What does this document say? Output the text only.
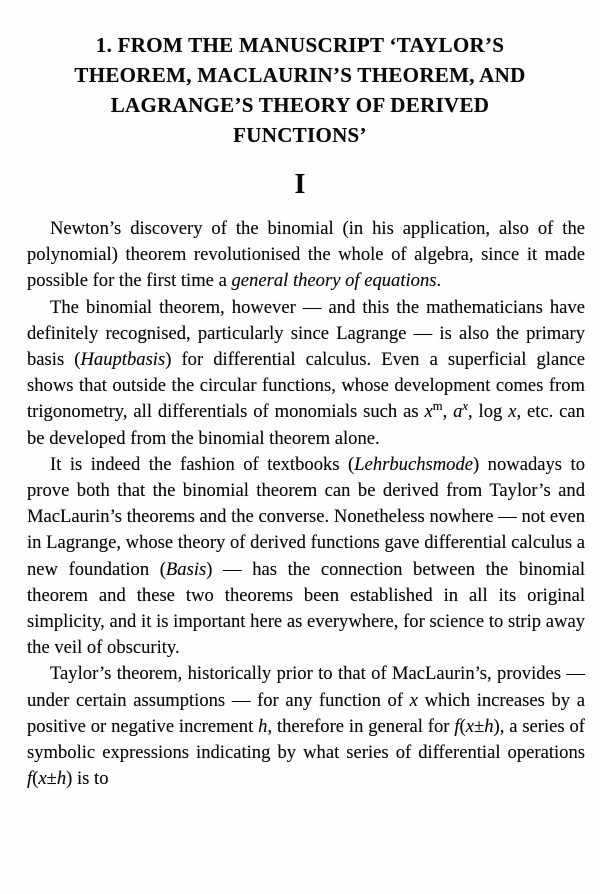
1. FROM THE MANUSCRIPT ‘TAYLOR’S
THEOREM, MACLAURIN’S THEOREM, AND
LAGRANGE’S THEORY OF DERIVED
FUNCTIONS’
I

Newton’s discovery of the binomial (in his application, also of the polynomial) theorem revolutionised the whole of algebra, since it made possible for the first time a general theory of equations.

The binomial theorem, however — and this the mathematicians have definitely recognised, particularly since Lagrange — is also the primary basis (Hauptbasis) for differential calculus. Even a superficial glance shows that outside the circular functions, whose development comes from trigonometry, all differentials of monomials such as $x^m$, $a^x$, log x, etc. can be developed from the binomial theorem alone.

It is indeed the fashion of textbooks (Lehrbuchsmode) nowadays to prove both that the binomial theorem can be derived from Taylor’s and MacLaurin’s theorems and the converse. Nonetheless nowhere — not even in Lagrange, whose theory of derived functions gave differential calculus a new foundation (Basis) — has the connection between the binomial theorem and these two theorems been established in all its original simplicity, and it is important here as everywhere, for science to strip away the veil of obscurity.

Taylor’s theorem, historically prior to that of MacLaurin’s, provides — under certain assumptions — for any function of x which increases by a positive or negative increment h, therefore in general for f(x±h), a series of symbolic expressions indicating by what series of differential operations f(x±h) is to
